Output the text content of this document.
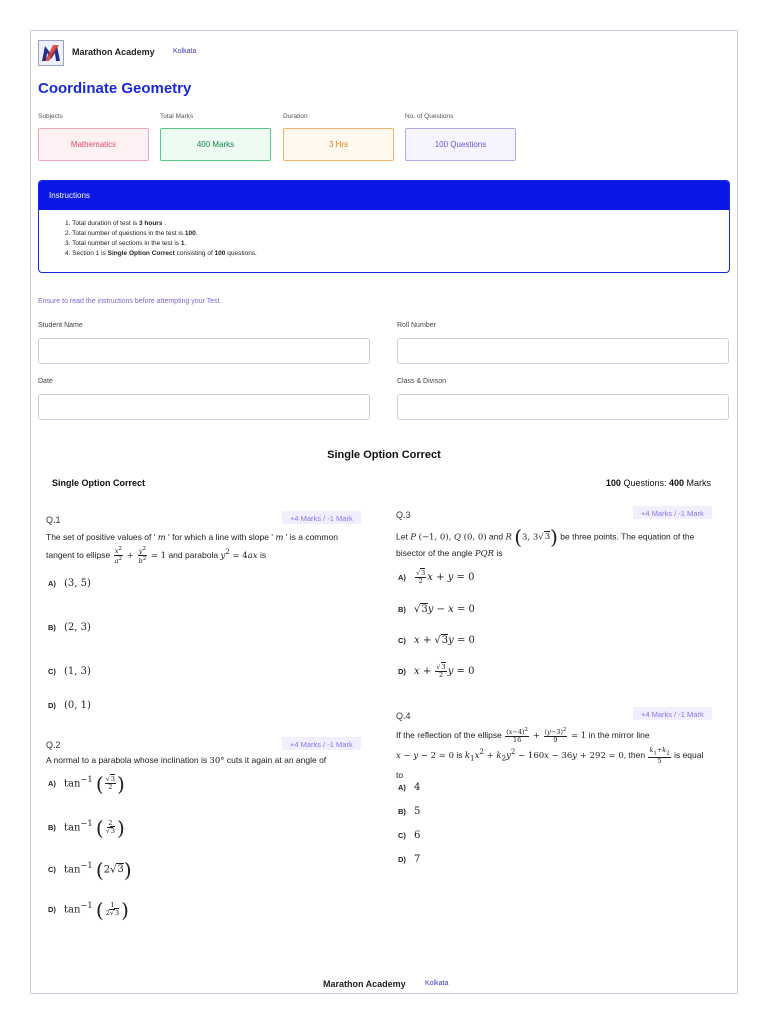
Marathon Academy	Kolkata
Coordinate Geometry
Subjects	Total Marks	Duration	No. of Questions
Mathematics	400 Marks	3 Hrs	100 Questions
Instructions
1. Total duration of test is 3 hours .
2. Total number of questions in the test is 100.
3. Total number of sections in the test is 1.
4. Section 1 is Single Option Correct consisting of 100 questions.
Ensure to read the instructions before attempting your Test.
Student Name	Roll Number
Date	Class & Divison
Single Option Correct
Single Option Correct	100 Questions: 400 Marks
Q.1	+4 Marks / -1 Mark
The set of positive values of ' m ' for which a line with slope ' m ' is a common
tangent to ellipse $\frac{x^2}{a^2} + \frac{y^2}{b^2} = 1$ and parabola $y^2 = 4ax$ is
A) (3, 5)
B) (2, 3)
C) (1, 3)
D) (0, 1)
Q.2	+4 Marks / -1 Mark
A normal to a parabola whose inclination is 30° cuts it again at an angle of
A) $\tan^{-1}$ ( $\frac{√3}{2}$ )
B) $\tan^{-1}$ ( $\frac{2}{√3}$ )
C) $\tan^{-1} (2√3)$
D) $\tan^{-1}$ ( $\frac{1}{2√3}$ )
Q.3	+4 Marks / -1 Mark
Let P (−1, 0), Q (0, 0) and R (3, 3√3) be three points. The equation of the
bisector of the angle PQR is
A)	$\frac{√3}{2}$ x + y = 0
B) √3y − x = 0
C) x + √3y = 0
D) $x + \frac{√3}{2}$ y = 0
Q.4	+4 Marks / -1 Mark
If the reflection of the ellipse $\frac{(x-4)^2}{16} + \frac{(y-3)^2}{9} = 1$ in the mirror line
x − y − 2 = 0 is $k_1x^2 + k_2y^2 - 160x - 36y + 292 = 0$, then $\frac{k_1+k_2}{5}$ is equal
to
A) 4
B) 5
C) 6
D) 7
Marathon Academy	Kolkata
